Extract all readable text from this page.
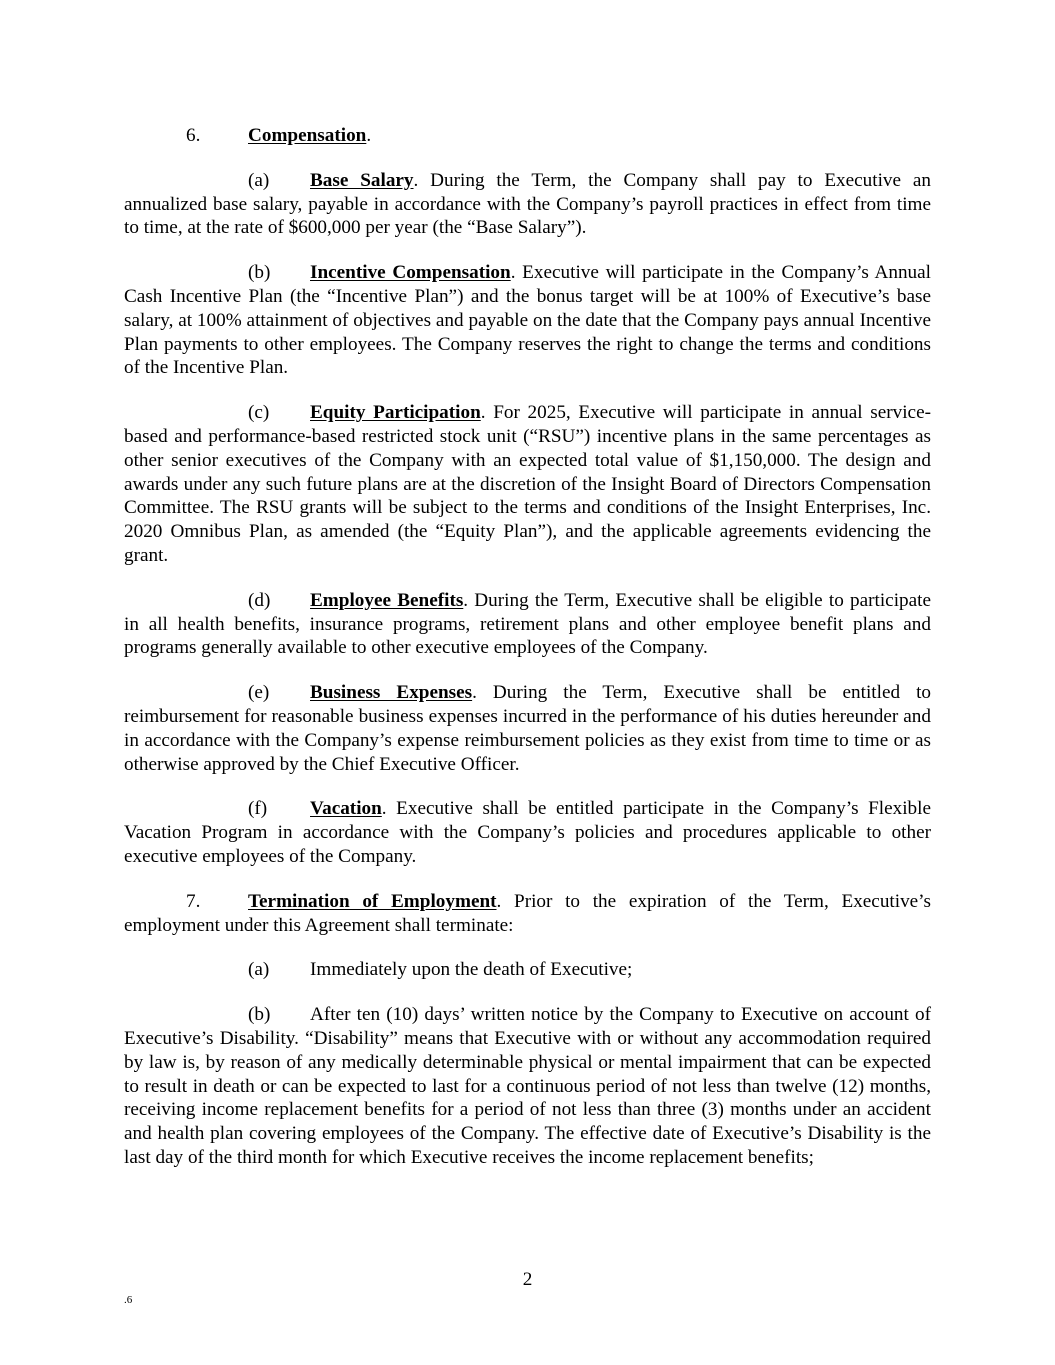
6. Compensation.

(a) Base Salary. During the Term, the Company shall pay to Executive an annualized base salary, payable in accordance with the Company’s payroll practices in effect from time to time, at the rate of $600,000 per year (the “Base Salary”).

(b) Incentive Compensation. Executive will participate in the Company’s Annual Cash Incentive Plan (the “Incentive Plan”) and the bonus target will be at 100% of Executive’s base salary, at 100% attainment of objectives and payable on the date that the Company pays annual Incentive Plan payments to other employees. The Company reserves the right to change the terms and conditions of the Incentive Plan.

(c) Equity Participation. For 2025, Executive will participate in annual service-based and performance-based restricted stock unit (“RSU”) incentive plans in the same percentages as other senior executives of the Company with an expected total value of $1,150,000. The design and awards under any such future plans are at the discretion of the Insight Board of Directors Compensation Committee. The RSU grants will be subject to the terms and conditions of the Insight Enterprises, Inc. 2020 Omnibus Plan, as amended (the “Equity Plan”), and the applicable agreements evidencing the grant.

(d) Employee Benefits. During the Term, Executive shall be eligible to participate in all health benefits, insurance programs, retirement plans and other employee benefit plans and programs generally available to other executive employees of the Company.

(e) Business Expenses. During the Term, Executive shall be entitled to reimbursement for reasonable business expenses incurred in the performance of his duties hereunder and in accordance with the Company’s expense reimbursement policies as they exist from time to time or as otherwise approved by the Chief Executive Officer.

(f) Vacation. Executive shall be entitled participate in the Company’s Flexible Vacation Program in accordance with the Company’s policies and procedures applicable to other executive employees of the Company.

7. Termination of Employment. Prior to the expiration of the Term, Executive’s employment under this Agreement shall terminate:

(a) Immediately upon the death of Executive;

(b) After ten (10) days’ written notice by the Company to Executive on account of Executive’s Disability. “Disability” means that Executive with or without any accommodation required by law is, by reason of any medically determinable physical or mental impairment that can be expected to result in death or can be expected to last for a continuous period of not less than twelve (12) months, receiving income replacement benefits for a period of not less than three (3) months under an accident and health plan covering employees of the Company. The effective date of Executive’s Disability is the last day of the third month for which Executive receives the income replacement benefits;

2
.6
